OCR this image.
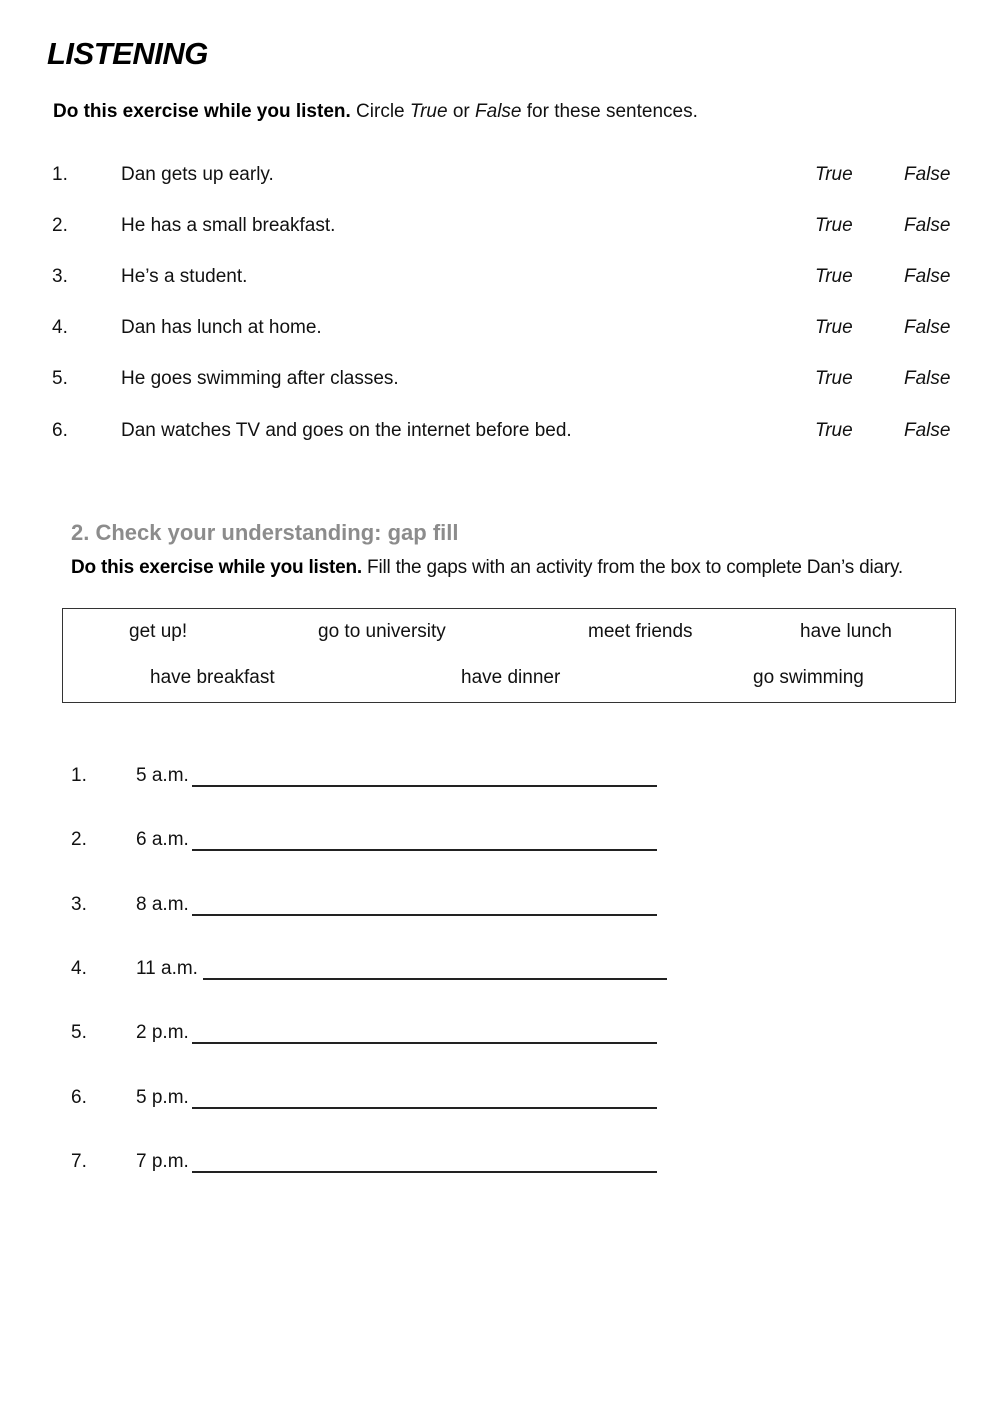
LISTENING
Do this exercise while you listen. Circle True or False for these sentences.
1.	Dan gets up early.	True	False
2.	He has a small breakfast.	True	False
3.	He’s a student.	True	False
4.	Dan has lunch at home.	True	False
5.	He goes swimming after classes.	True	False
6.	Dan watches TV and goes on the internet before bed.	True	False
2. Check your understanding: gap fill
Do this exercise while you listen. Fill the gaps with an activity from the box to complete Dan’s diary.
get up!	go to university	meet friends	have lunch
have breakfast	have dinner	go swimming
1.	5 a.m.
2.	6 a.m.
3.	8 a.m.
4.	11 a.m.
5.	2 p.m.
6.	5 p.m.
7.	7 p.m.
